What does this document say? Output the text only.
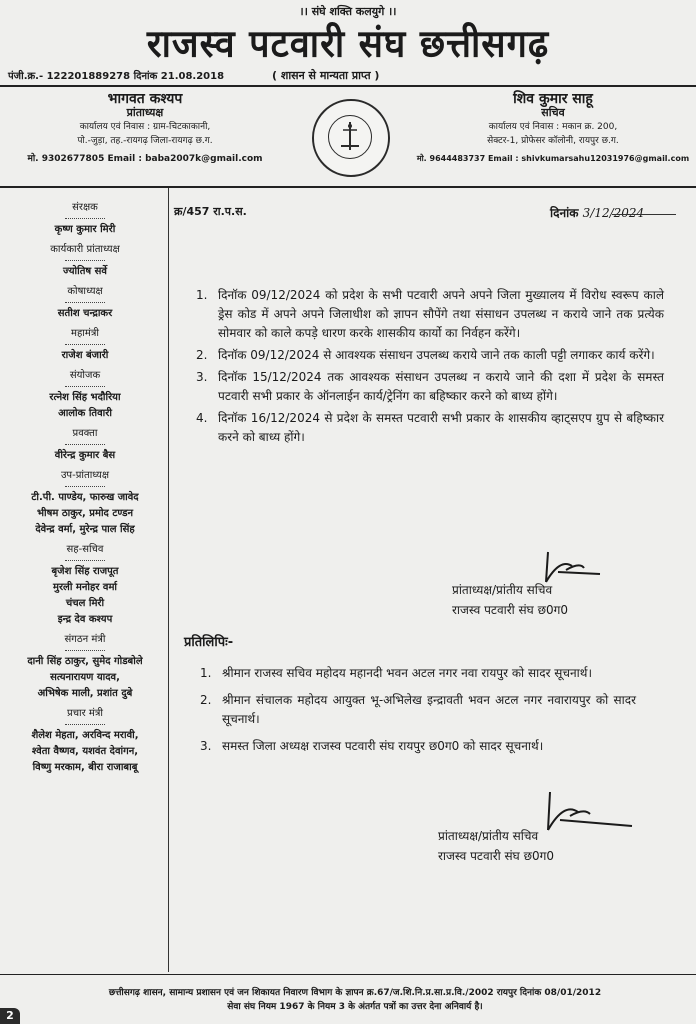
।। संघे शक्ति कलयुगे ।।
राजस्व पटवारी संघ छत्तीसगढ़
पंजी.क्र.- 122201889278 दिनांक 21.08.2018	( शासन से मान्यता प्राप्त )
भागवत कश्यप
प्रांताध्यक्ष
कार्यालय एवं निवास : ग्राम-चिटकाकानी,
पो.-जुड़ा, तह.-रायगढ़ जिला-रायगढ़ छ.ग.
मो. 9302677805 Email : baba2007k@gmail.com
शिव कुमार साहू
सचिव
कार्यालय एवं निवास : मकान क्र. 200,
सेक्टर-1, प्रोफेसर कॉलोनी, रायपुर छ.ग.
मो. 9644483737 Email : shivkumarsahu12031976@gmail.com
संरक्षक
कृष्ण कुमार मिरी
कार्यकारी प्रांताध्यक्ष
ज्योतिष सर्वे
कोषाध्यक्ष
सतीश चन्द्राकर
महामंत्री
राजेश बंजारी
संयोजक
रत्नेश सिंह भदौरिया
आलोक तिवारी
प्रवक्ता
वीरेन्द्र कुमार बैस
उप-प्रांताध्यक्ष
टी.पी. पाण्डेय, फारुख जावेद
भीषम ठाकुर, प्रमोद टण्डन
देवेन्द्र वर्मा, मुरेन्द्र पाल सिंह
सह-सचिव
बृजेश सिंह राजपूत
मुरली मनोहर वर्मा
चंचल मिरी
इन्द्र देव कश्यप
संगठन मंत्री
दानी सिंह ठाकुर, सुमेद गोडबोले
सत्यनारायण यादव,
अभिषेक माली, प्रशांत दुबे
प्रचार मंत्री
शैलेश मेहता, अरविन्द मरावी,
श्वेता वैष्णव, यशवंत देवांगन,
विष्णु मरकाम, बीरा राजाबाबू
क्र/457 रा.प.स.	दिनांक 3/12/2024
1. दिनॉक 09/12/2024 को प्रदेश के सभी पटवारी अपने अपने जिला मुख्यालय में विरोध स्वरूप काले ड्रेस कोड में अपने अपने जिलाधीश को ज्ञापन सौपेंगे तथा संसाधन उपलब्ध न कराये जाने तक प्रत्येक सोमवार को काले कपड़े धारण करके शासकीय कार्यो का निर्वहन करेंगे।
2. दिनॉक 09/12/2024 से आवश्यक संसाधन उपलब्ध कराये जाने तक काली पट्टी लगाकर कार्य करेंगे।
3. दिनॉक 15/12/2024 तक आवश्यक संसाधन उपलब्ध न कराये जाने की दशा में प्रदेश के समस्त पटवारी सभी प्रकार के ऑनलाईन कार्य/ट्रेनिंग का बहिष्कार करने को बाध्य होंगे।
4. दिनॉक 16/12/2024 से प्रदेश के समस्त पटवारी सभी प्रकार के शासकीय व्हाट्सएप ग्रुप से बहिष्कार करने को बाध्य होंगे।
प्रांताध्यक्ष/प्रांतीय सचिव
राजस्व पटवारी संघ छ0ग0
प्रतिलिपिः-
1. श्रीमान राजस्व सचिव महोदय महानदी भवन अटल नगर नवा रायपुर को सादर सूचनार्थ।
2. श्रीमान संचालक महोदय आयुक्त भू-अभिलेख इन्द्रावती भवन अटल नगर नवारायपुर को सादर सूचनार्थ।
3. समस्त जिला अध्यक्ष राजस्व पटवारी संघ रायपुर छ0ग0 को सादर सूचनार्थ।
प्रांताध्यक्ष/प्रांतीय सचिव
राजस्व पटवारी संघ छ0ग0
छत्तीसगढ़ शासन, सामान्य प्रशासन एवं जन शिकायत निवारण विभाग के ज्ञापन क्र.67/ज.शि.नि.प्र.सा.प्र.वि./2002 रायपुर दिनांक 08/01/2012
सेवा संघ नियम 1967 के नियम 3 के अंतर्गत पत्रों का उत्तर देना अनिवार्य है।
2
